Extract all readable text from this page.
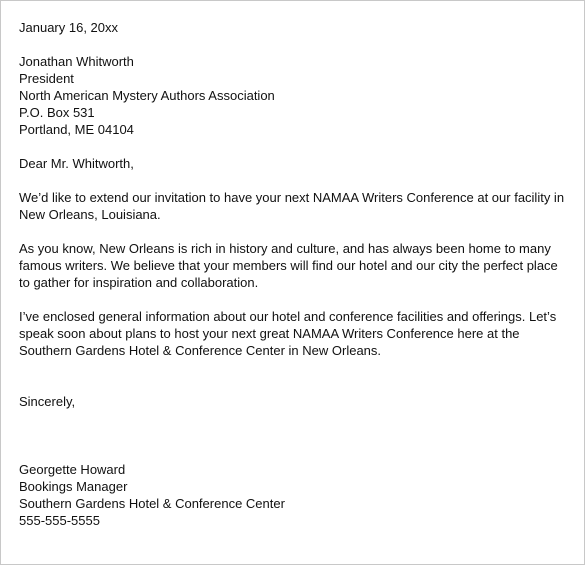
January 16, 20xx
Jonathan Whitworth
President
North American Mystery Authors Association
P.O. Box 531
Portland, ME 04104
Dear Mr. Whitworth,
We’d like to extend our invitation to have your next NAMAA Writers Conference at our facility in
New Orleans, Louisiana.
As you know, New Orleans is rich in history and culture, and has always been home to many
famous writers. We believe that your members will find our hotel and our city the perfect place
to gather for inspiration and collaboration.
I’ve enclosed general information about our hotel and conference facilities and offerings. Let’s
speak soon about plans to host your next great NAMAA Writers Conference here at the
Southern Gardens Hotel & Conference Center in New Orleans.
Sincerely,
Georgette Howard
Bookings Manager
Southern Gardens Hotel & Conference Center
555-555-5555
